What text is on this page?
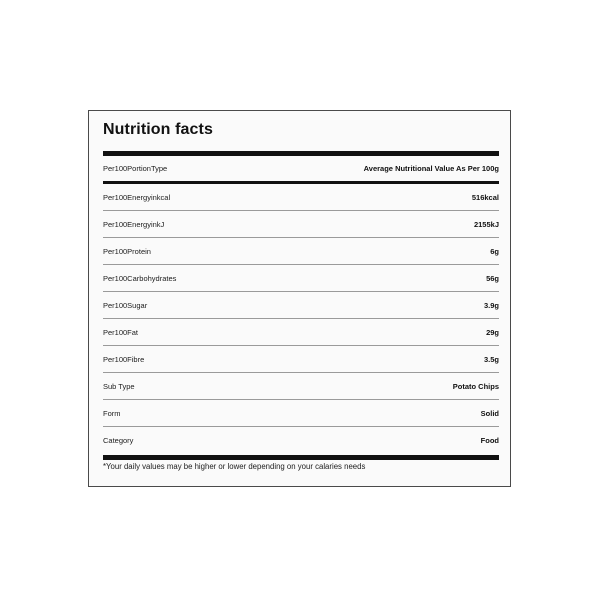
Nutrition facts
Per100PortionType	Average Nutritional Value As Per 100g
Per100Energyinkcal	516kcal
Per100EnergyinkJ	2155kJ
Per100Protein	6g
Per100Carbohydrates	56g
Per100Sugar	3.9g
Per100Fat	29g
Per100Fibre	3.5g
Sub Type	Potato Chips
Form	Solid
Category	Food
*Your daily values may be higher or lower depending on your calaries needs
